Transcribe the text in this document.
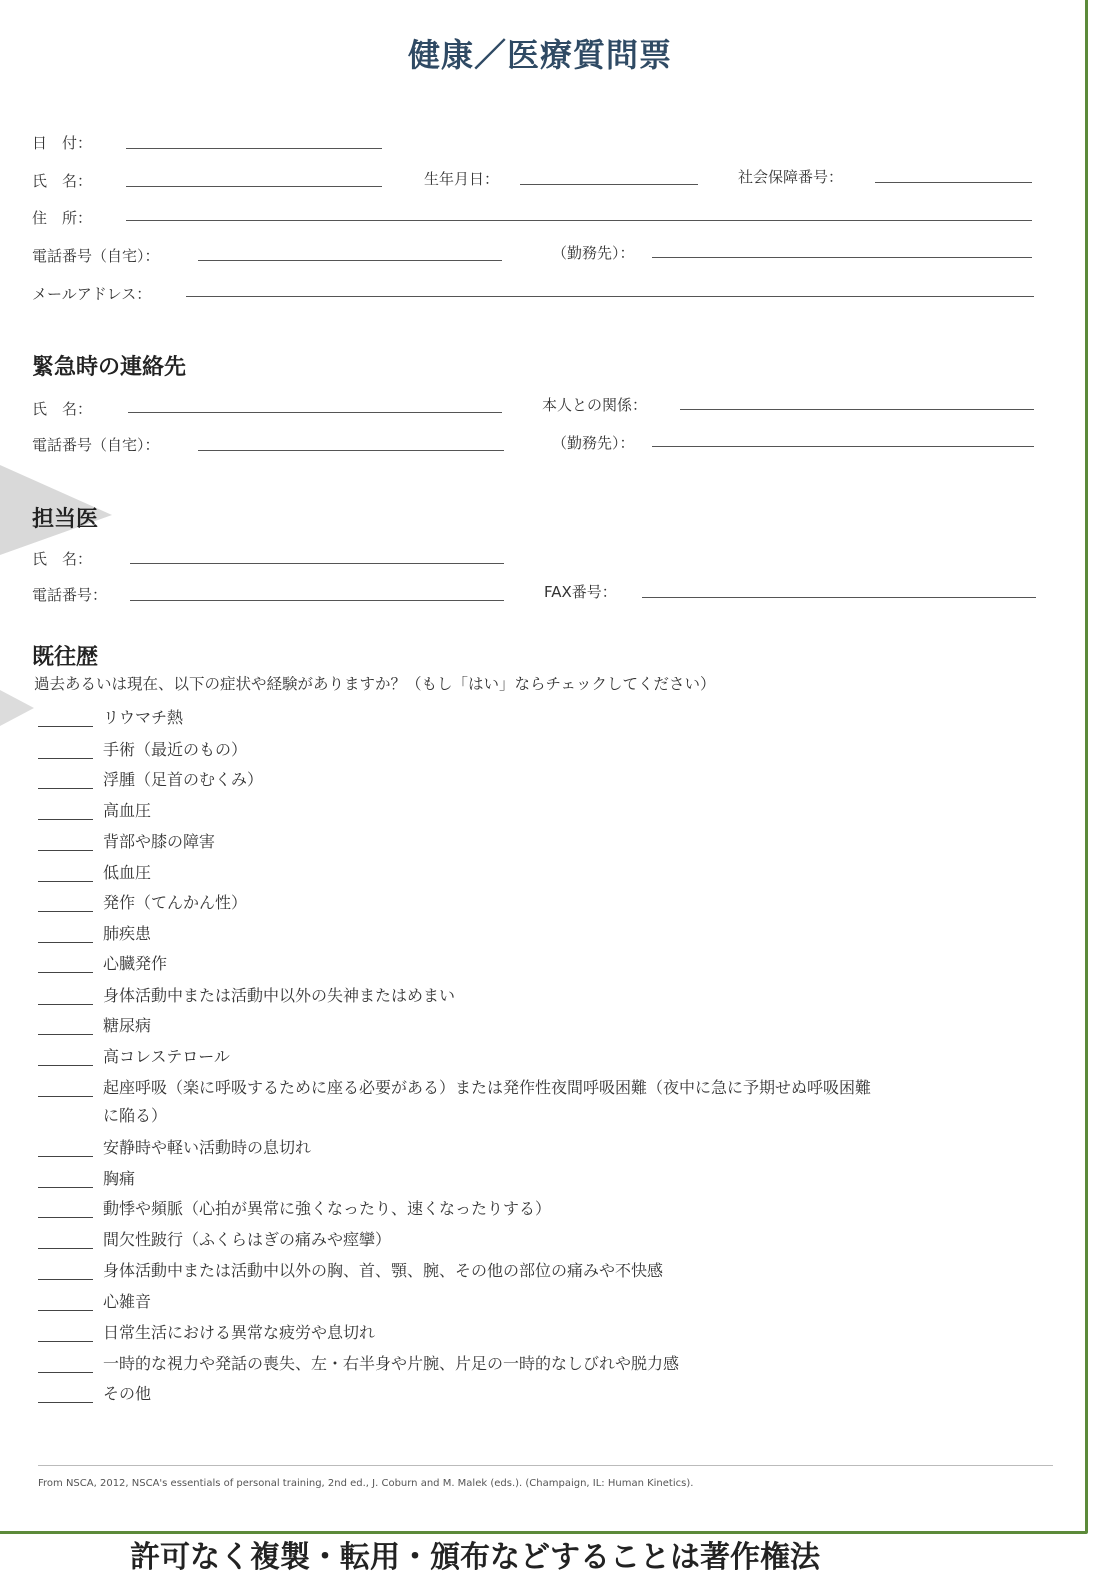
健康／医療質問票
日　付：
氏　名：	生年月日：	社会保障番号：
住　所：
電話番号（自宅）：	（勤務先）：
メールアドレス：
緊急時の連絡先
氏　名：	本人との関係：
電話番号（自宅）：	（勤務先）：
担当医
氏　名：
電話番号：	FAX番号：
既往歴
過去あるいは現在、以下の症状や経験がありますか？（もし「はい」ならチェックしてください）
リウマチ熱
手術（最近のもの）
浮腫（足首のむくみ）
高血圧
背部や膝の障害
低血圧
発作（てんかん性）
肺疾患
心臓発作
身体活動中または活動中以外の失神またはめまい
糖尿病
高コレステロール
起座呼吸（楽に呼吸するために座る必要がある）または発作性夜間呼吸困難（夜中に急に予期せぬ呼吸困難
に陥る）
安静時や軽い活動時の息切れ
胸痛
動悸や頻脈（心拍が異常に強くなったり、速くなったりする）
間欠性跛行（ふくらはぎの痛みや痙攣）
身体活動中または活動中以外の胸、首、顎、腕、その他の部位の痛みや不快感
心雑音
日常生活における異常な疲労や息切れ
一時的な視力や発話の喪失、左・右半身や片腕、片足の一時的なしびれや脱力感
その他
From NSCA, 2012, NSCA's essentials of personal training, 2nd ed., J. Coburn and M. Malek (eds.). (Champaign, IL: Human Kinetics).
許可なく複製・転用・頒布などすることは著作権法
